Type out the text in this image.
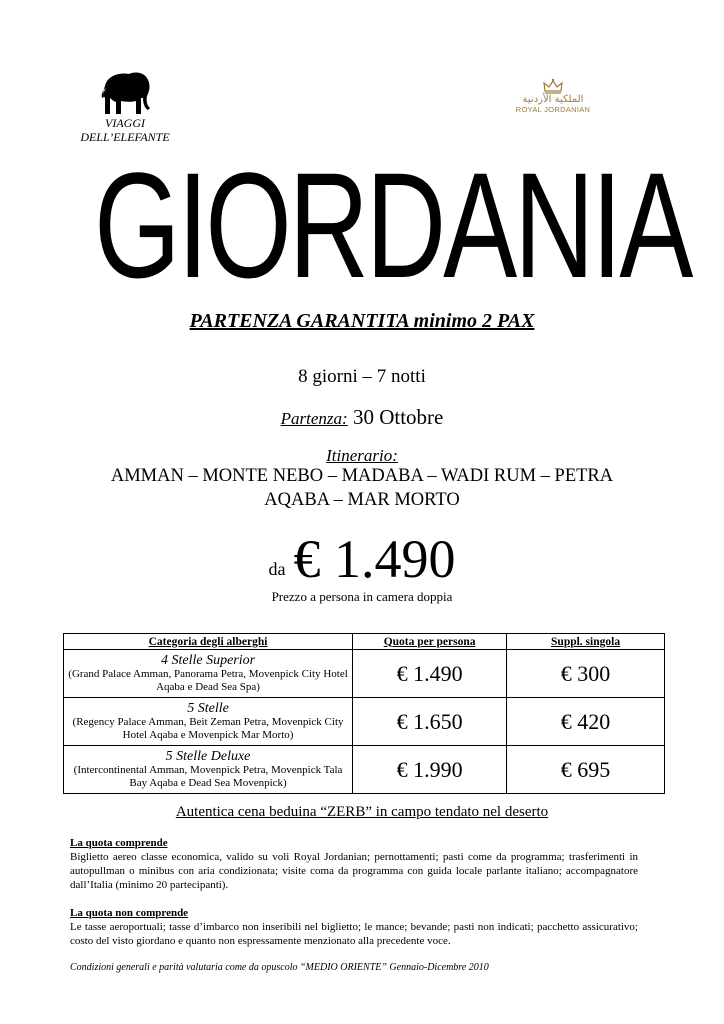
VIAGGI
DELL’ELEFANTE
الملكية الأردنية
ROYAL JORDANIAN
GIORDANIA
PARTENZA GARANTITA minimo 2 PAX
8 giorni – 7 notti
Partenza: 30 Ottobre
Itinerario:
AMMAN – MONTE NEBO – MADABA – WADI RUM – PETRA
AQABA – MAR MORTO
da € 1.490
Prezzo a persona in camera doppia
Categoria degli alberghi	Quota per persona	Suppl. singola

4 Stelle Superior
(Grand Palace Amman, Panorama Petra, Movenpick City Hotel Aqaba e Dead Sea Spa)	€ 1.490	€ 300

5 Stelle
(Regency Palace Amman, Beit Zeman Petra, Movenpick City Hotel Aqaba e Movenpick Mar Morto)	€ 1.650	€ 420

5 Stelle Deluxe
(Intercontinental Amman, Movenpick Petra, Movenpick Tala Bay Aqaba e Dead Sea Movenpick)	€ 1.990	€ 695
Autentica cena beduina “ZERB” in campo tendato nel deserto
La quota comprende
Biglietto aereo classe economica, valido su voli Royal Jordanian; pernottamenti; pasti come da programma; trasferimenti in autopullman o minibus con aria condizionata; visite coma da programma con guida locale parlante italiano; accompagnatore dall’Italia (minimo 20 partecipanti).
La quota non comprende
Le tasse aeroportuali; tasse d’imbarco non inseribili nel biglietto; le mance; bevande; pasti non indicati; pacchetto assicurativo; costo del visto giordano e quanto non espressamente menzionato alla precedente voce.
Condizioni generali e parità valutaria come da opuscolo “MEDIO ORIENTE” Gennaio-Dicembre 2010
